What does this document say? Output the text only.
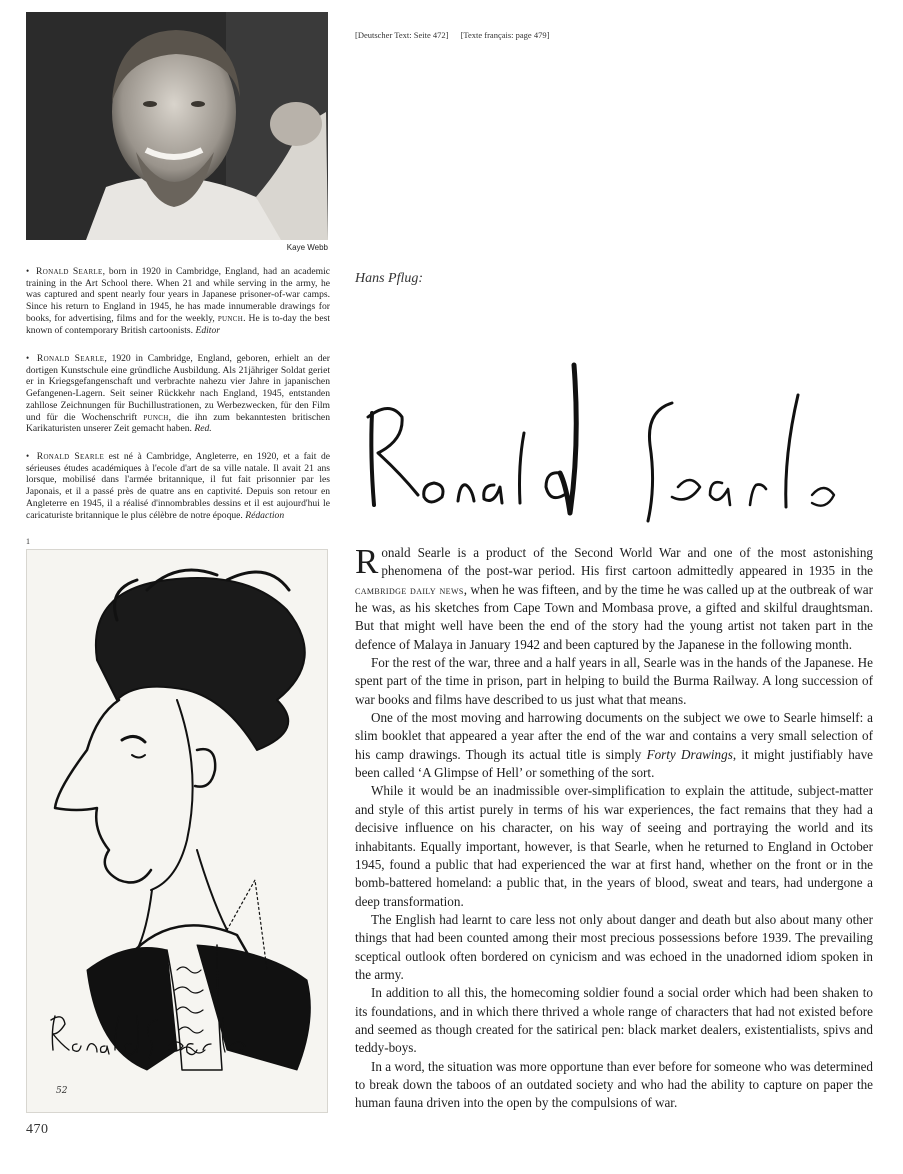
Kaye Webb
[Deutscher Text: Seite 472] [Texte français: page 479]
• Ronald Searle, born in 1920 in Cambridge, England, had an academic training in the Art School there. When 21 and while serving in the army, he was captured and spent nearly four years in Japanese prisoner-of-war camps. Since his return to England in 1945, he has made innumerable drawings for books, for advertising, films and for the weekly, punch. He is to-day the best known of contemporary British cartoonists. Editor
• Ronald Searle, 1920 in Cambridge, England, geboren, erhielt an der dortigen Kunstschule eine gründliche Ausbildung. Als 21jähriger Soldat geriet er in Kriegsgefangenschaft und verbrachte nahezu vier Jahre in japanischen Gefangenen-Lagern. Seit seiner Rückkehr nach England, 1945, entstanden zahllose Zeichnungen für Buchillustrationen, zu Werbezwecken, für den Film und für die Wochenschrift punch, die ihn zum bekanntesten britischen Karikaturisten unserer Zeit gemacht haben. Red.
• Ronald Searle est né à Cambridge, Angleterre, en 1920, et a fait de sérieuses études académiques à l'ecole d'art de sa ville natale. Il avait 21 ans lorsque, mobilisé dans l'armée britannique, il fut fait prisonnier par les Japonais, et il a passé près de quatre ans en captivité. Depuis son retour en Angleterre en 1945, il a réalisé d'innombrables dessins et il est aujourd'hui le caricaturiste britannique le plus célèbre de notre époque. Rédaction
Hans Pflug:
1
52
470

Ronald Searle is a product of the Second World War and one of the most astonishing phenomena of the post-war period. His first cartoon admittedly appeared in 1935 in the cambridge daily news, when he was fifteen, and by the time he was called up at the outbreak of war he was, as his sketches from Cape Town and Mombasa prove, a gifted and skilful draughtsman. But that might well have been the end of the story had the young artist not taken part in the defence of Malaya in January 1942 and been captured by the Japanese in the following month.

For the rest of the war, three and a half years in all, Searle was in the hands of the Japanese. He spent part of the time in prison, part in helping to build the Burma Railway. A long succession of war books and films have described to us just what that means.

One of the most moving and harrowing documents on the subject we owe to Searle himself: a slim booklet that appeared a year after the end of the war and contains a very small selection of his camp drawings. Though its actual title is simply Forty Drawings, it might justifiably have been called ‘A Glimpse of Hell’ or something of the sort.

While it would be an inadmissible over-simplification to explain the attitude, subject-matter and style of this artist purely in terms of his war experiences, the fact remains that they had a decisive influence on his character, on his way of seeing and portraying the world and its inhabitants. Equally important, however, is that Searle, when he returned to England in October 1945, found a public that had experienced the war at first hand, whether on the front or in the bomb-battered homeland: a public that, in the years of blood, sweat and tears, had undergone a deep transformation.

The English had learnt to care less not only about danger and death but also about many other things that had been counted among their most precious possessions before 1939. The prevailing sceptical outlook often bordered on cynicism and was echoed in the unadorned idiom spoken in the army.

In addition to all this, the homecoming soldier found a social order which had been shaken to its foundations, and in which there thrived a whole range of characters that had not existed before and seemed as though created for the satirical pen: black market dealers, existentialists, spivs and teddy-boys.

In a word, the situation was more opportune than ever before for someone who was determined to break down the taboos of an outdated society and who had the ability to capture on paper the human fauna driven into the open by the compulsions of war.
